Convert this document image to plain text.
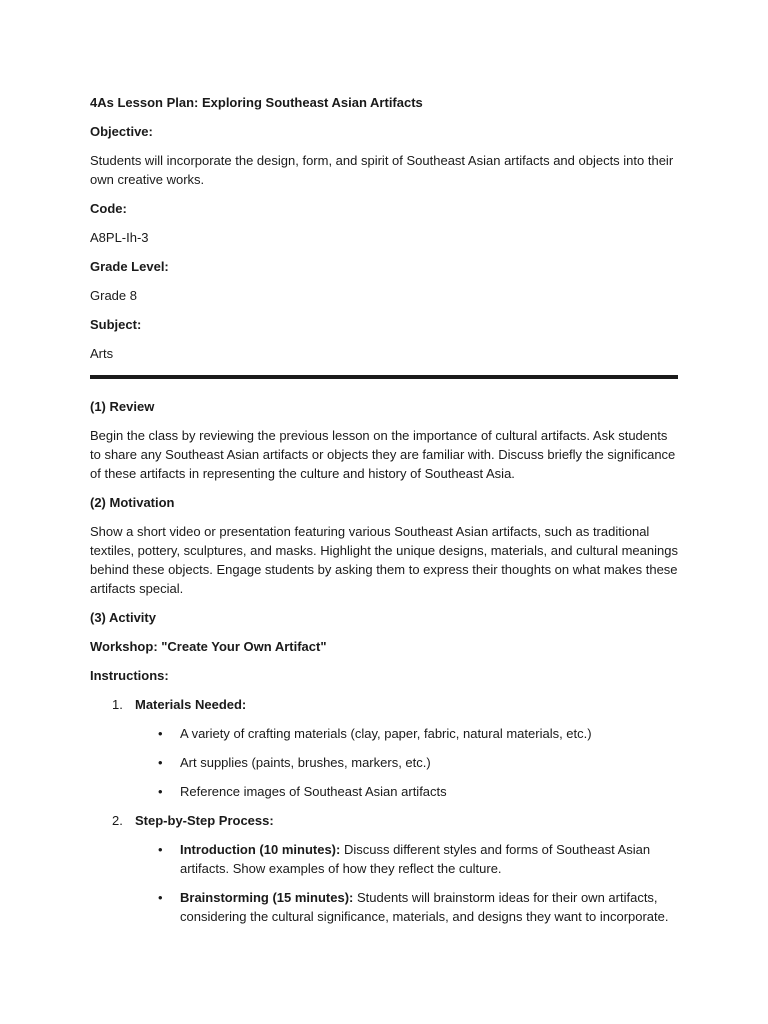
4As Lesson Plan: Exploring Southeast Asian Artifacts
Objective:
Students will incorporate the design, form, and spirit of Southeast Asian artifacts and objects into their own creative works.
Code:
A8PL-Ih-3
Grade Level:
Grade 8
Subject:
Arts
(1) Review
Begin the class by reviewing the previous lesson on the importance of cultural artifacts. Ask students to share any Southeast Asian artifacts or objects they are familiar with. Discuss briefly the significance of these artifacts in representing the culture and history of Southeast Asia.
(2) Motivation
Show a short video or presentation featuring various Southeast Asian artifacts, such as traditional textiles, pottery, sculptures, and masks. Highlight the unique designs, materials, and cultural meanings behind these objects. Engage students by asking them to express their thoughts on what makes these artifacts special.
(3) Activity
Workshop: "Create Your Own Artifact"
Instructions:
1. Materials Needed:
• A variety of crafting materials (clay, paper, fabric, natural materials, etc.)
• Art supplies (paints, brushes, markers, etc.)
• Reference images of Southeast Asian artifacts
2. Step-by-Step Process:
• Introduction (10 minutes): Discuss different styles and forms of Southeast Asian artifacts. Show examples of how they reflect the culture.
• Brainstorming (15 minutes): Students will brainstorm ideas for their own artifacts, considering the cultural significance, materials, and designs they want to incorporate.
